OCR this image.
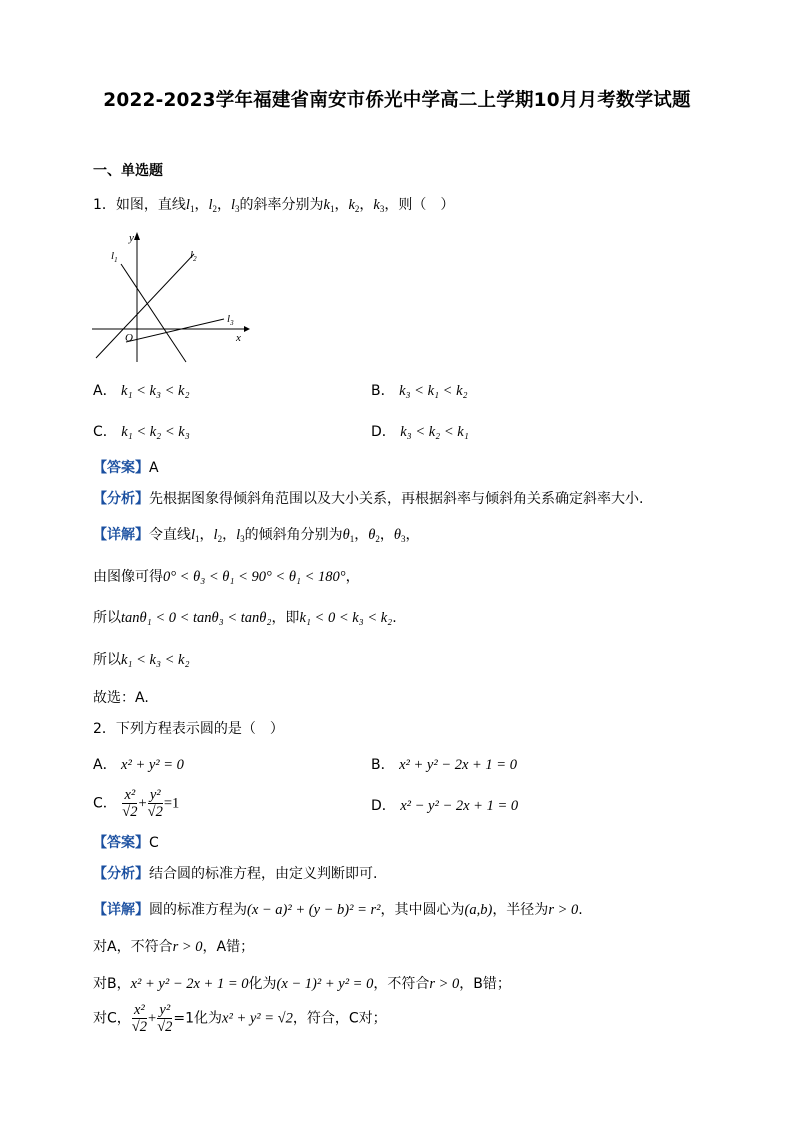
2022-2023学年福建省南安市侨光中学高二上学期10月月考数学试题
一、单选题
1．如图，直线$l_1$，$l_2$，$l_3$的斜率分别为$k_1$，$k_2$，$k_3$，则（　）
y
x
O
$l_1$	$l_2$
$l_3$
A． k₁ < k₃ < k₂	B． k₃ < k₁ < k₂
C． k₁ < k₂ < k₃	D． k₃ < k₂ < k₁
【答案】A
【分析】先根据图象得倾斜角范围以及大小关系，再根据斜率与倾斜角关系确定斜率大小.
【详解】令直线$l_1$，$l_2$，$l_3$的倾斜角分别为$\theta_1$，$\theta_2$，$\theta_3$，
由图像可得0° < θ₃ < θ₁ < 90° < θ₁ < 180°，
所以tanθ₁ < 0 < tanθ₃ < tanθ₂，即k₁ < 0 < k₃ < k₂.
所以k₁ < k₃ < k₂
故选：A.
2．下列方程表示圆的是（　）
A． x² + y² = 0	B． x² + y² − 2x + 1 = 0
C． $\frac{\text{x²}}{√2} + \frac{\text{y²}}{√2} =1$	D． x² − y² − 2x + 1 = 0
【答案】C
【分析】结合圆的标准方程，由定义判断即可.
【详解】圆的标准方程为(x − a)² + (y − b)² = r²，其中圆心为(a,b)，半径为r > 0.
对A，不符合r > 0，A错；
对B，x² + y² − 2x + 1 = 0化为(x − 1)² + y² = 0，不符合r > 0，B错；
对C， $\frac{\text{x²}}{√2} + \frac{\text{y²}}{√2} =1$化为x² + y² = √2，符合，C对；
